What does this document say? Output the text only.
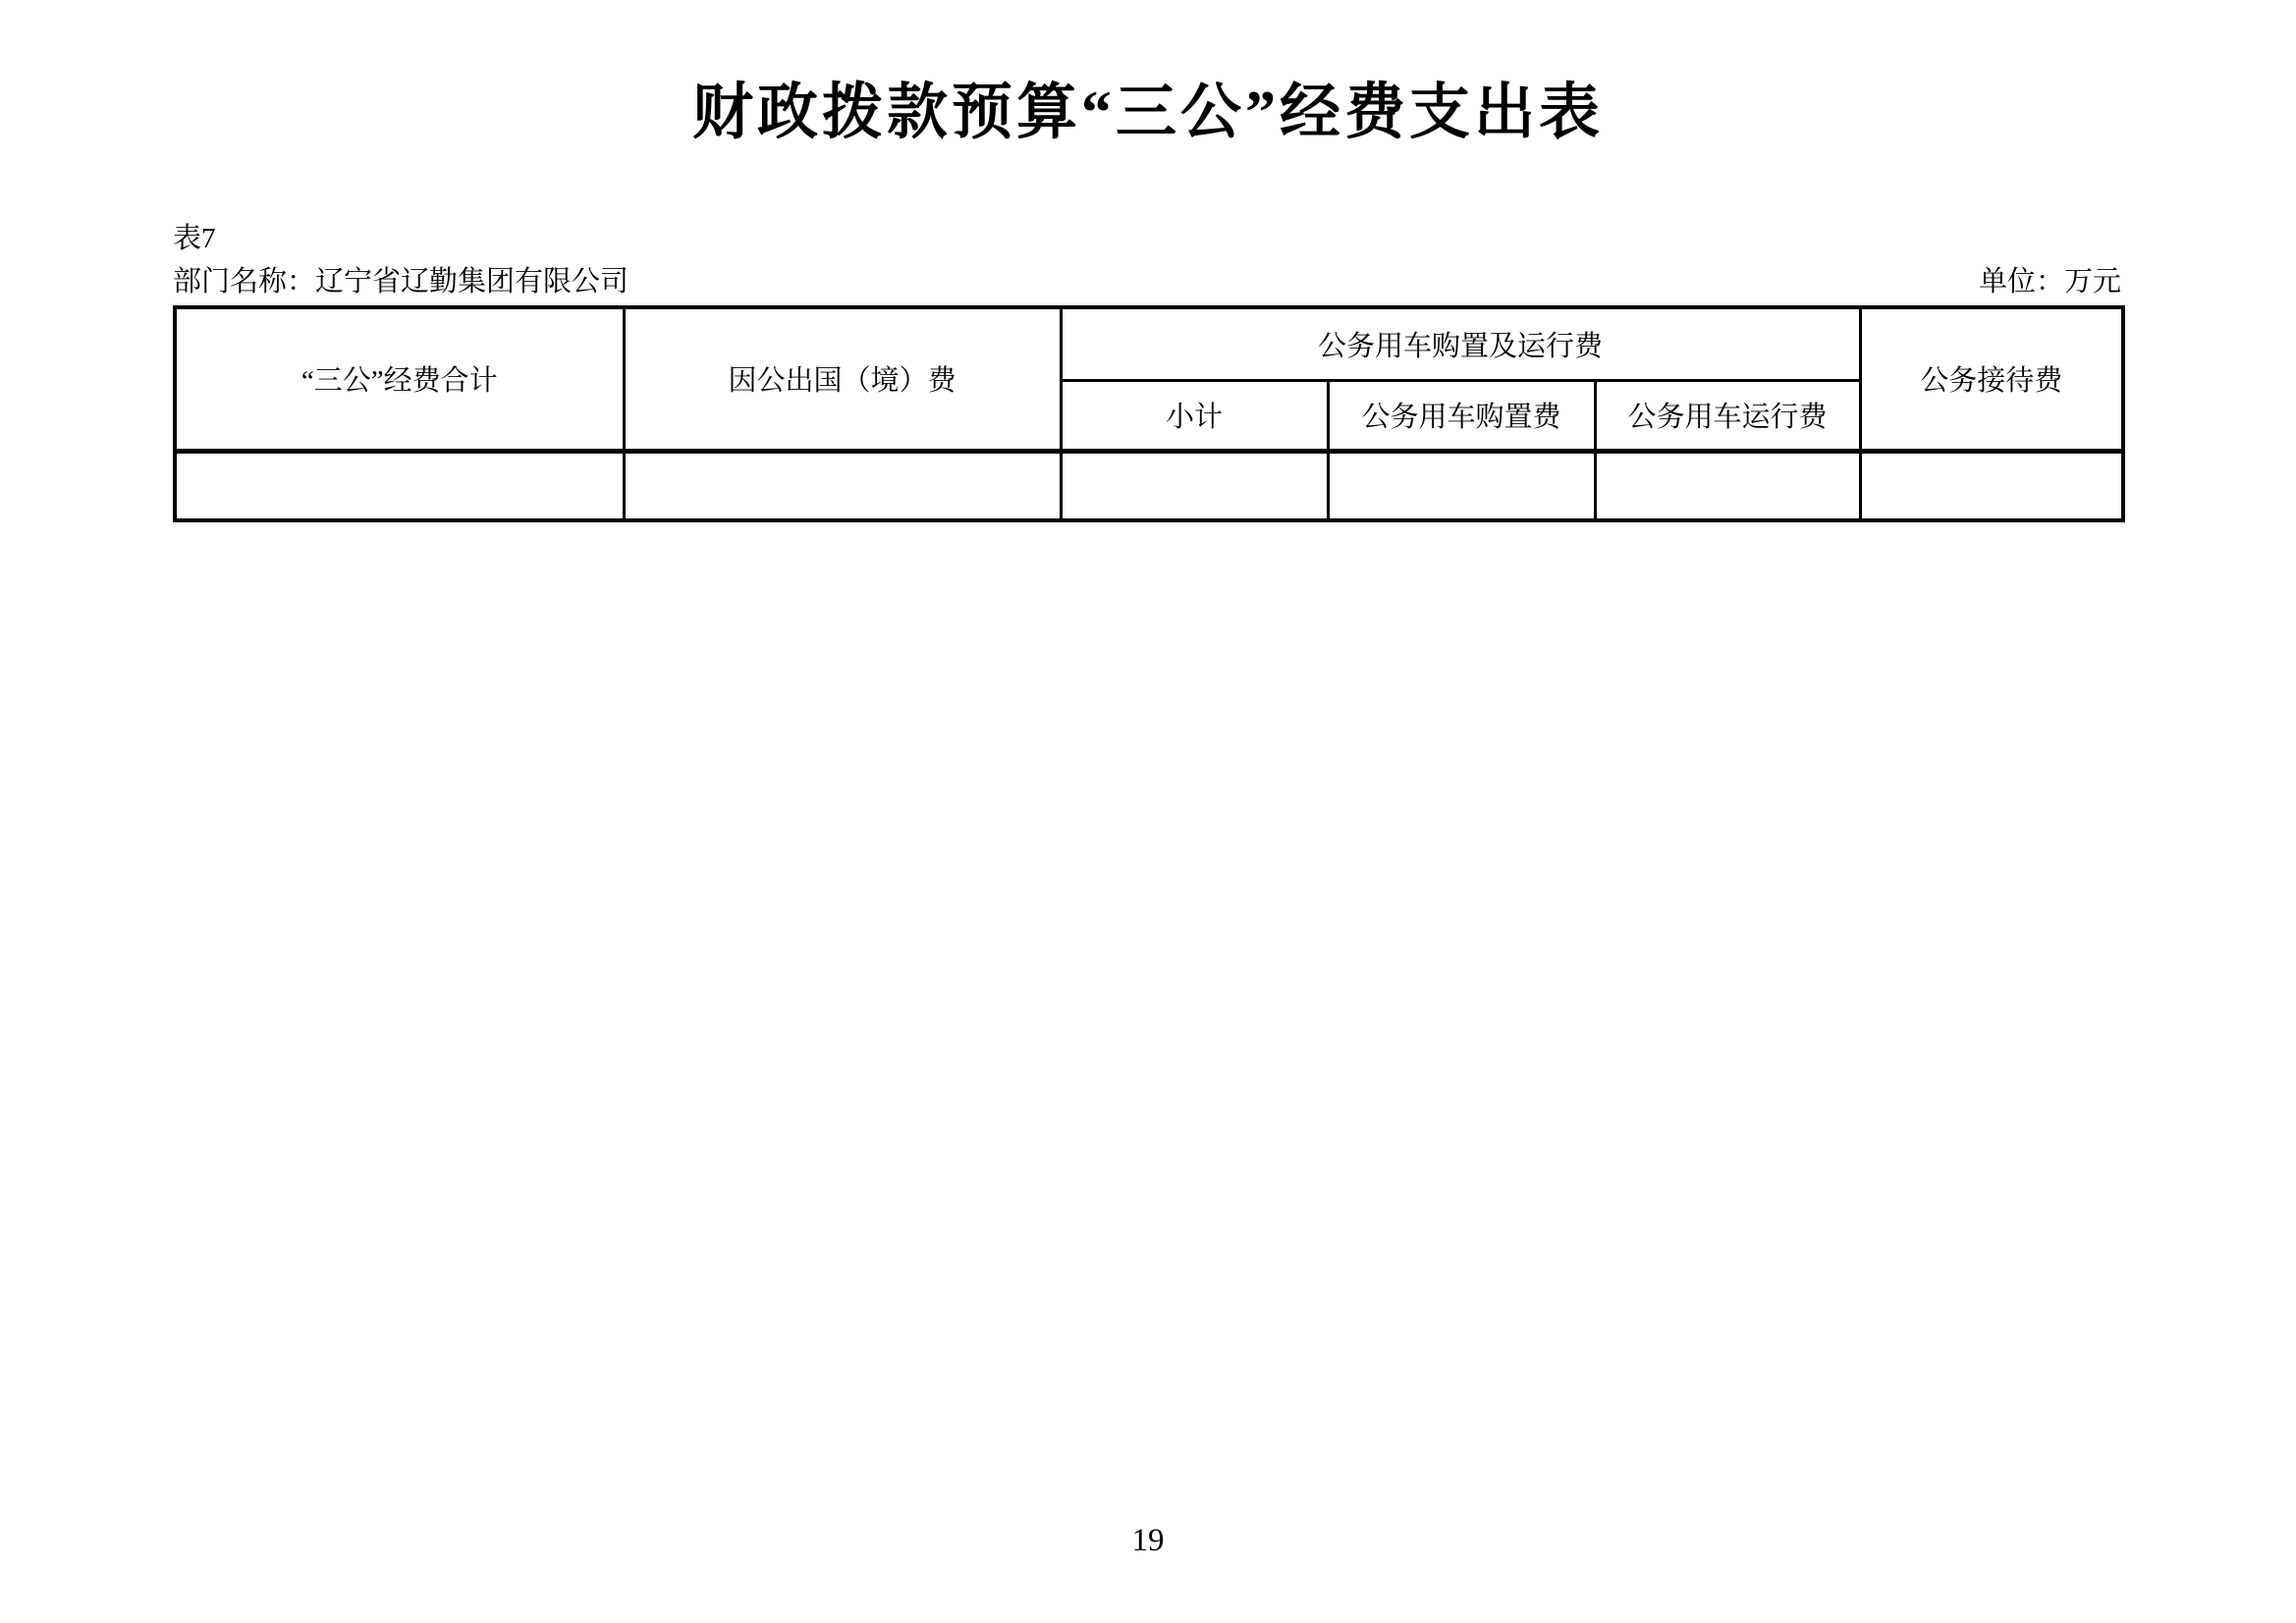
财政拨款预算“三公”经费支出表
表7
部门名称：辽宁省辽勤集团有限公司	单位：万元
“三公”经费合计	因公出国（境）费	公务用车购置及运行费			公务接待费
		小计	公务用车购置费	公务用车运行费	

19
